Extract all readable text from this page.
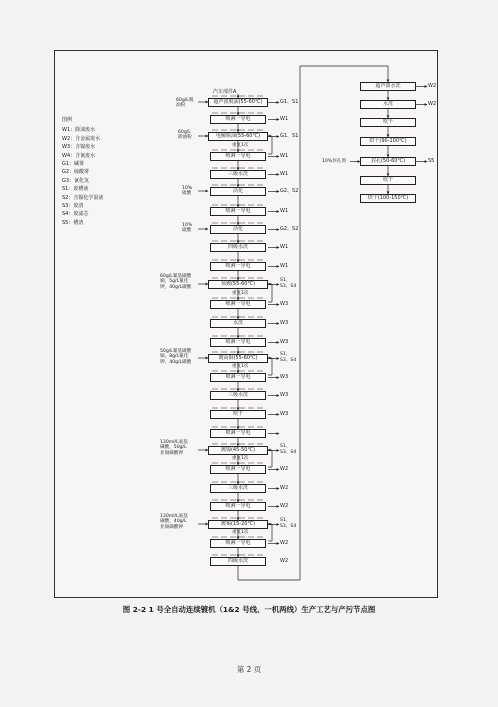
图例
W1：除油废水
W2：含金属废水
W3：含镍废水
W4：含氰废水
G1：碱雾
G2：硫酸雾
G3：氰化氢
S1：废槽液
S2：含镍化学混液
S3：废渣
S4：废滤芯
S5：槽渣
汽车部件A
超声波脱油(55-60℃)
喷淋一导电
电解脱油(55-60℃)
喷淋一导电
三级水洗
活化
喷淋一导电
活化
四级水洗
喷淋一导电
预镀(55-60℃)
喷淋一导电
水洗
喷淋一导电
镀高铜(55-60℃)
喷淋一导电
三级水洗
吹干
喷淋一导电
镀镍(45-50℃)
喷淋一导电
三级水洗
喷淋一导电
镀锡(15-20℃)
喷淋一导电
四级水洗
重复1次
重复1次
重复1次
重复1次
重复1次
60g/L脱
油粉
60g/L
除油粉
10%
硫酸
10%
硫酸
60g/L氰基碳酸
铜，5g/L氰化
钾，40g/L碳酸
50g/L氰基碳酸
铜，8g/L氰化
钾，40g/L碳酸
130ml/L氨基
磺酸，50g/L
亚锡磺酸钾
130ml/L氨基
磺酸，40g/L
亚锡磺酸钾
G1、S1
W1
G1、S1
W1
W1
G2、S2
W1
G2、S2
W1
W1
S1、
S3、S4
W3
W3
W3
S1、
S3、S4
W3
W3
W3
S1、
S3、S4
W2
W2
W2
S1、
S3、S4
W2
W2
超声波水洗
水洗
吹干
烘干(90-100℃)
封孔(50-60℃)
吹干
烘干(100-150℃)
10%封孔剂
W2
W2
S5
图 2-2 1 号全自动连续镀机（1&2 号线、一机两线）生产工艺与产污节点图
第 2 页
